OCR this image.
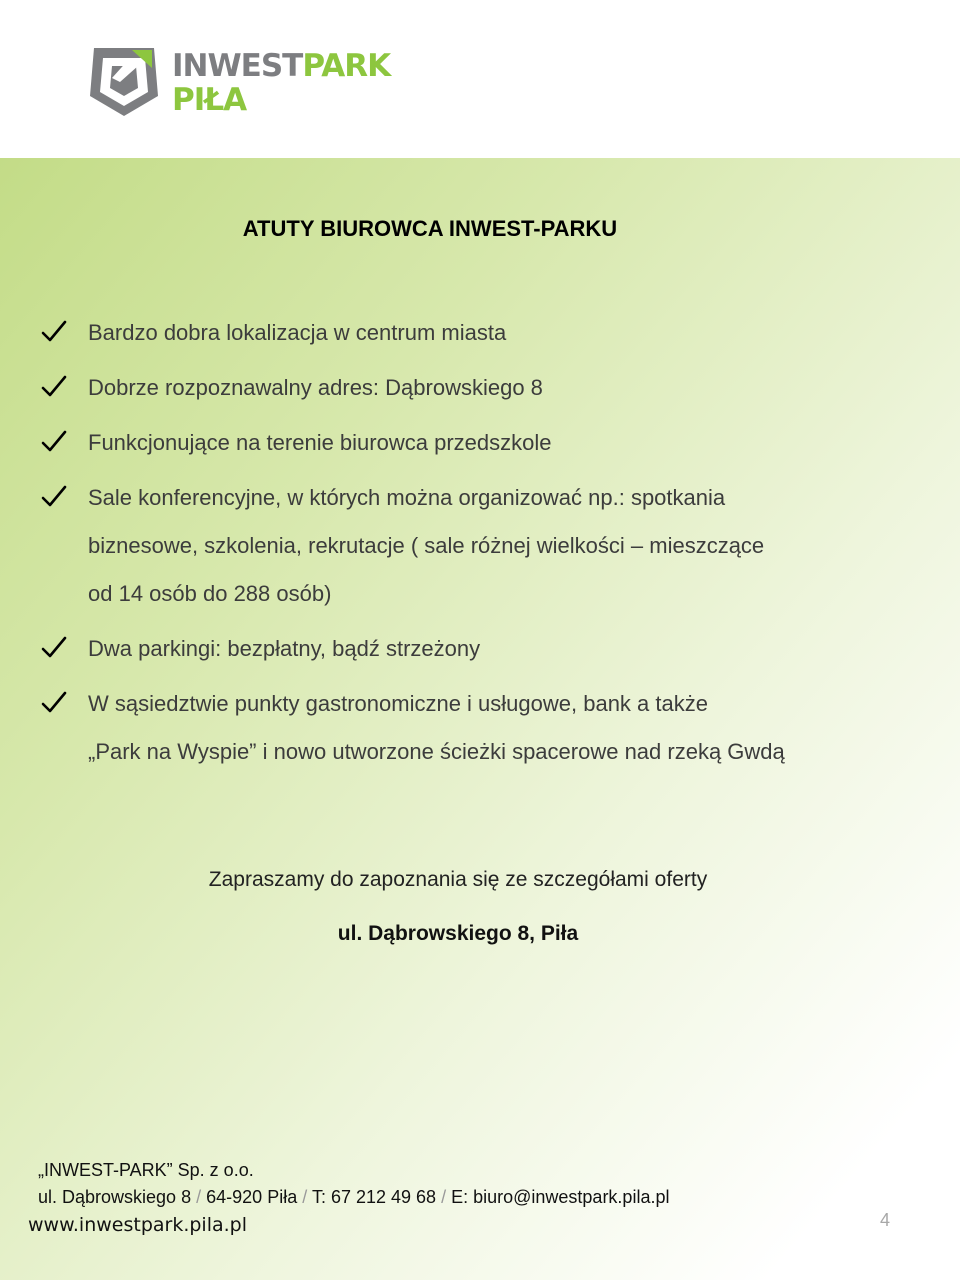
INWESTPARK
PIŁA
ATUTY BIUROWCA INWEST-PARKU
Bardzo dobra lokalizacja w centrum miasta
Dobrze rozpoznawalny adres: Dąbrowskiego 8
Funkcjonujące na terenie biurowca przedszkole
Sale konferencyjne, w których można organizować np.: spotkania
biznesowe, szkolenia, rekrutacje ( sale różnej wielkości – mieszczące
od 14 osób do 288 osób)
Dwa parkingi: bezpłatny, bądź strzeżony
W sąsiedztwie punkty gastronomiczne i usługowe, bank a także
„Park na Wyspie” i nowo utworzone ścieżki spacerowe nad rzeką Gwdą
Zapraszamy do zapoznania się ze szczegółami oferty
ul. Dąbrowskiego 8, Piła
„INWEST-PARK” Sp. z o.o.
ul. Dąbrowskiego 8 / 64-920 Piła / T: 67 212 49 68 / E: biuro@inwestpark.pila.pl
www.inwestpark.pila.pl	4
